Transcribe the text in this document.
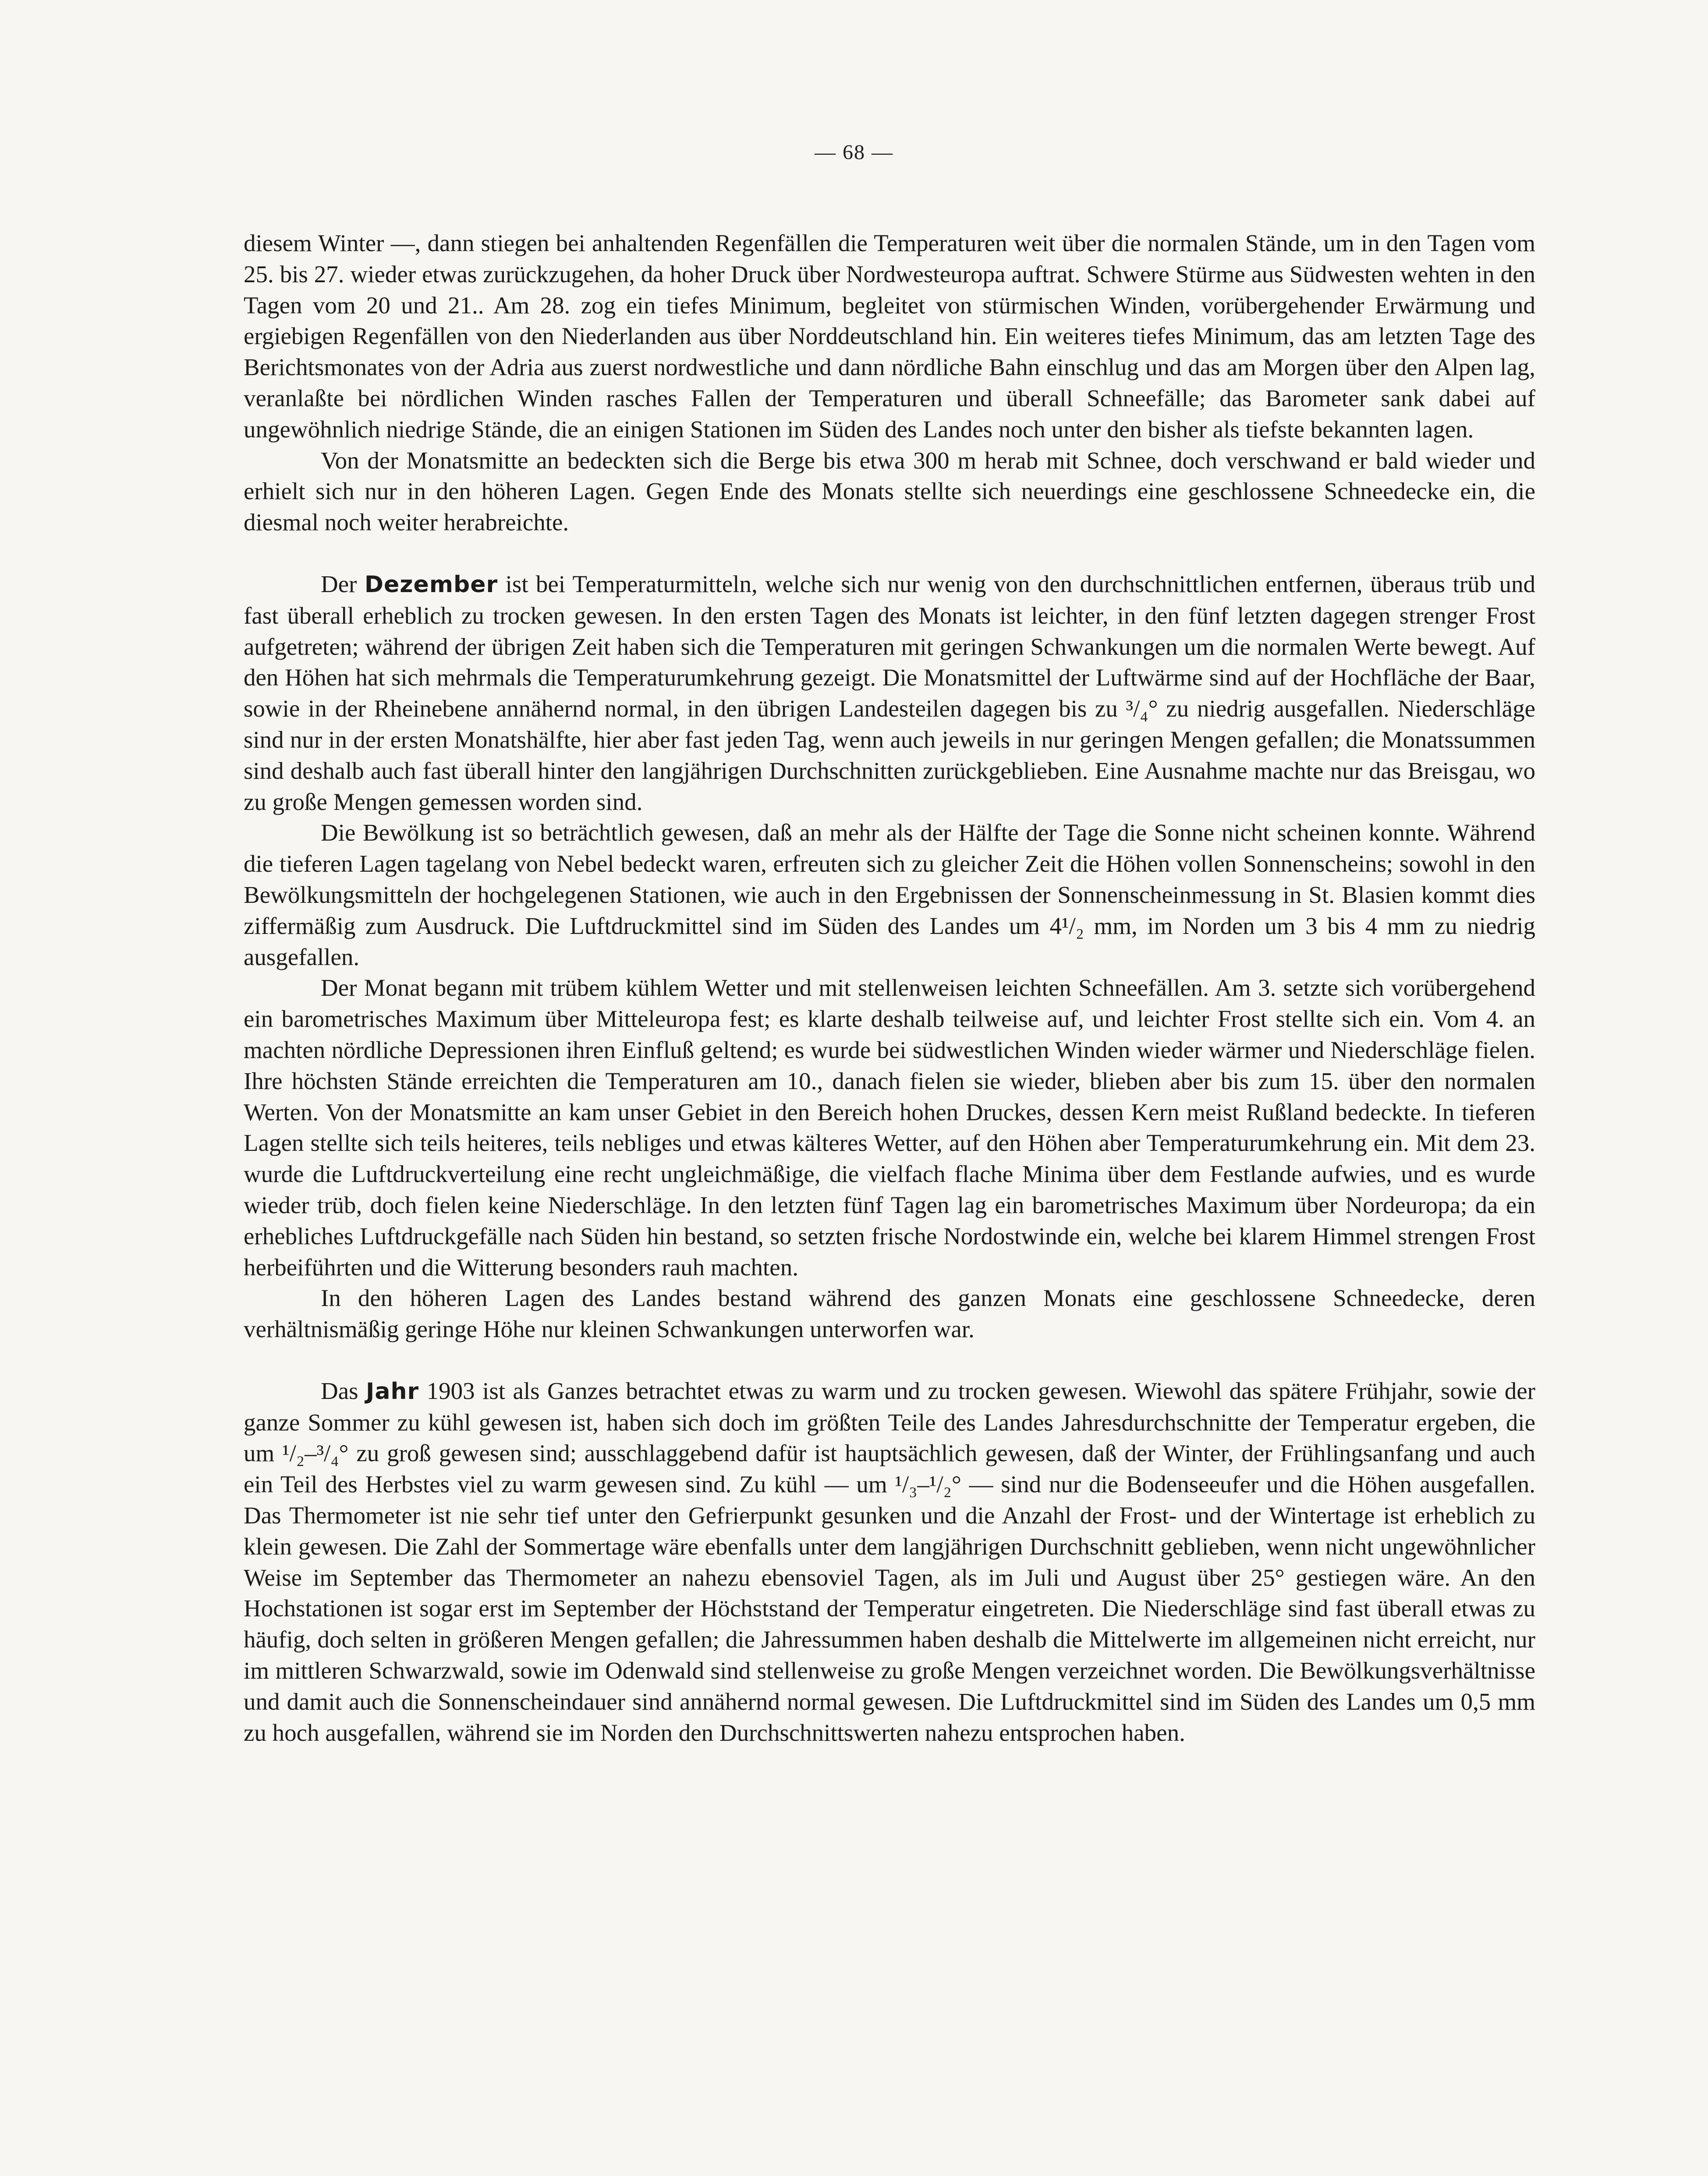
— 68 —

diesem Winter —, dann stiegen bei anhaltenden Regenfällen die Temperaturen weit über die normalen Stände, um in den Tagen vom 25. bis 27. wieder etwas zurückzugehen, da hoher Druck über Nordwesteuropa auftrat. Schwere Stürme aus Südwesten wehten in den Tagen vom 20 und 21.. Am 28. zog ein tiefes Minimum, begleitet von stürmischen Winden, vorübergehender Erwärmung und ergiebigen Regenfällen von den Niederlanden aus über Norddeutschland hin. Ein weiteres tiefes Minimum, das am letzten Tage des Berichtsmonates von der Adria aus zuerst nordwestliche und dann nördliche Bahn einschlug und das am Morgen über den Alpen lag, veranlaßte bei nördlichen Winden rasches Fallen der Temperaturen und überall Schneefälle; das Barometer sank dabei auf ungewöhnlich niedrige Stände, die an einigen Stationen im Süden des Landes noch unter den bisher als tiefste bekannten lagen.

Von der Monatsmitte an bedeckten sich die Berge bis etwa 300 m herab mit Schnee, doch verschwand er bald wieder und erhielt sich nur in den höheren Lagen. Gegen Ende des Monats stellte sich neuerdings eine geschlossene Schneedecke ein, die diesmal noch weiter herabreichte.

Der Dezember ist bei Temperaturmitteln, welche sich nur wenig von den durchschnittlichen entfernen, überaus trüb und fast überall erheblich zu trocken gewesen. In den ersten Tagen des Monats ist leichter, in den fünf letzten dagegen strenger Frost aufgetreten; während der übrigen Zeit haben sich die Temperaturen mit geringen Schwankungen um die normalen Werte bewegt. Auf den Höhen hat sich mehrmals die Temperaturumkehrung gezeigt. Die Monatsmittel der Luftwärme sind auf der Hochfläche der Baar, sowie in der Rheinebene annähernd normal, in den übrigen Landesteilen dagegen bis zu ³/₄° zu niedrig ausgefallen. Niederschläge sind nur in der ersten Monatshälfte, hier aber fast jeden Tag, wenn auch jeweils in nur geringen Mengen gefallen; die Monatssummen sind deshalb auch fast überall hinter den langjährigen Durchschnitten zurückgeblieben. Eine Ausnahme machte nur das Breisgau, wo zu große Mengen gemessen worden sind.

Die Bewölkung ist so beträchtlich gewesen, daß an mehr als der Hälfte der Tage die Sonne nicht scheinen konnte. Während die tieferen Lagen tagelang von Nebel bedeckt waren, erfreuten sich zu gleicher Zeit die Höhen vollen Sonnenscheins; sowohl in den Bewölkungsmitteln der hochgelegenen Stationen, wie auch in den Ergebnissen der Sonnenscheinmessung in St. Blasien kommt dies ziffermäßig zum Ausdruck. Die Luftdruckmittel sind im Süden des Landes um 4¹/₂ mm, im Norden um 3 bis 4 mm zu niedrig ausgefallen.

Der Monat begann mit trübem kühlem Wetter und mit stellenweisen leichten Schneefällen. Am 3. setzte sich vorübergehend ein barometrisches Maximum über Mitteleuropa fest; es klarte deshalb teilweise auf, und leichter Frost stellte sich ein. Vom 4. an machten nördliche Depressionen ihren Einfluß geltend; es wurde bei südwestlichen Winden wieder wärmer und Niederschläge fielen. Ihre höchsten Stände erreichten die Temperaturen am 10., danach fielen sie wieder, blieben aber bis zum 15. über den normalen Werten. Von der Monatsmitte an kam unser Gebiet in den Bereich hohen Druckes, dessen Kern meist Rußland bedeckte. In tieferen Lagen stellte sich teils heiteres, teils nebliges und etwas kälteres Wetter, auf den Höhen aber Temperaturumkehrung ein. Mit dem 23. wurde die Luftdruckverteilung eine recht ungleichmäßige, die vielfach flache Minima über dem Festlande aufwies, und es wurde wieder trüb, doch fielen keine Niederschläge. In den letzten fünf Tagen lag ein barometrisches Maximum über Nordeuropa; da ein erhebliches Luftdruckgefälle nach Süden hin bestand, so setzten frische Nordostwinde ein, welche bei klarem Himmel strengen Frost herbeiführten und die Witterung besonders rauh machten.

In den höheren Lagen des Landes bestand während des ganzen Monats eine geschlossene Schneedecke, deren verhältnismäßig geringe Höhe nur kleinen Schwankungen unterworfen war.

Das Jahr 1903 ist als Ganzes betrachtet etwas zu warm und zu trocken gewesen. Wiewohl das spätere Frühjahr, sowie der ganze Sommer zu kühl gewesen ist, haben sich doch im größten Teile des Landes Jahresdurchschnitte der Temperatur ergeben, die um ¹/₂–³/₄° zu groß gewesen sind; ausschlaggebend dafür ist hauptsächlich gewesen, daß der Winter, der Frühlingsanfang und auch ein Teil des Herbstes viel zu warm gewesen sind. Zu kühl — um ¹/₃–¹/₂° — sind nur die Bodenseeufer und die Höhen ausgefallen. Das Thermometer ist nie sehr tief unter den Gefrierpunkt gesunken und die Anzahl der Frost- und der Wintertage ist erheblich zu klein gewesen. Die Zahl der Sommertage wäre ebenfalls unter dem langjährigen Durchschnitt geblieben, wenn nicht ungewöhnlicher Weise im September das Thermometer an nahezu ebensoviel Tagen, als im Juli und August über 25° gestiegen wäre. An den Hochstationen ist sogar erst im September der Höchststand der Temperatur eingetreten. Die Niederschläge sind fast überall etwas zu häufig, doch selten in größeren Mengen gefallen; die Jahressummen haben deshalb die Mittelwerte im allgemeinen nicht erreicht, nur im mittleren Schwarzwald, sowie im Odenwald sind stellenweise zu große Mengen verzeichnet worden. Die Bewölkungsverhältnisse und damit auch die Sonnenscheindauer sind annähernd normal gewesen. Die Luftdruckmittel sind im Süden des Landes um 0,5 mm zu hoch ausgefallen, während sie im Norden den Durchschnittswerten nahezu entsprochen haben.
